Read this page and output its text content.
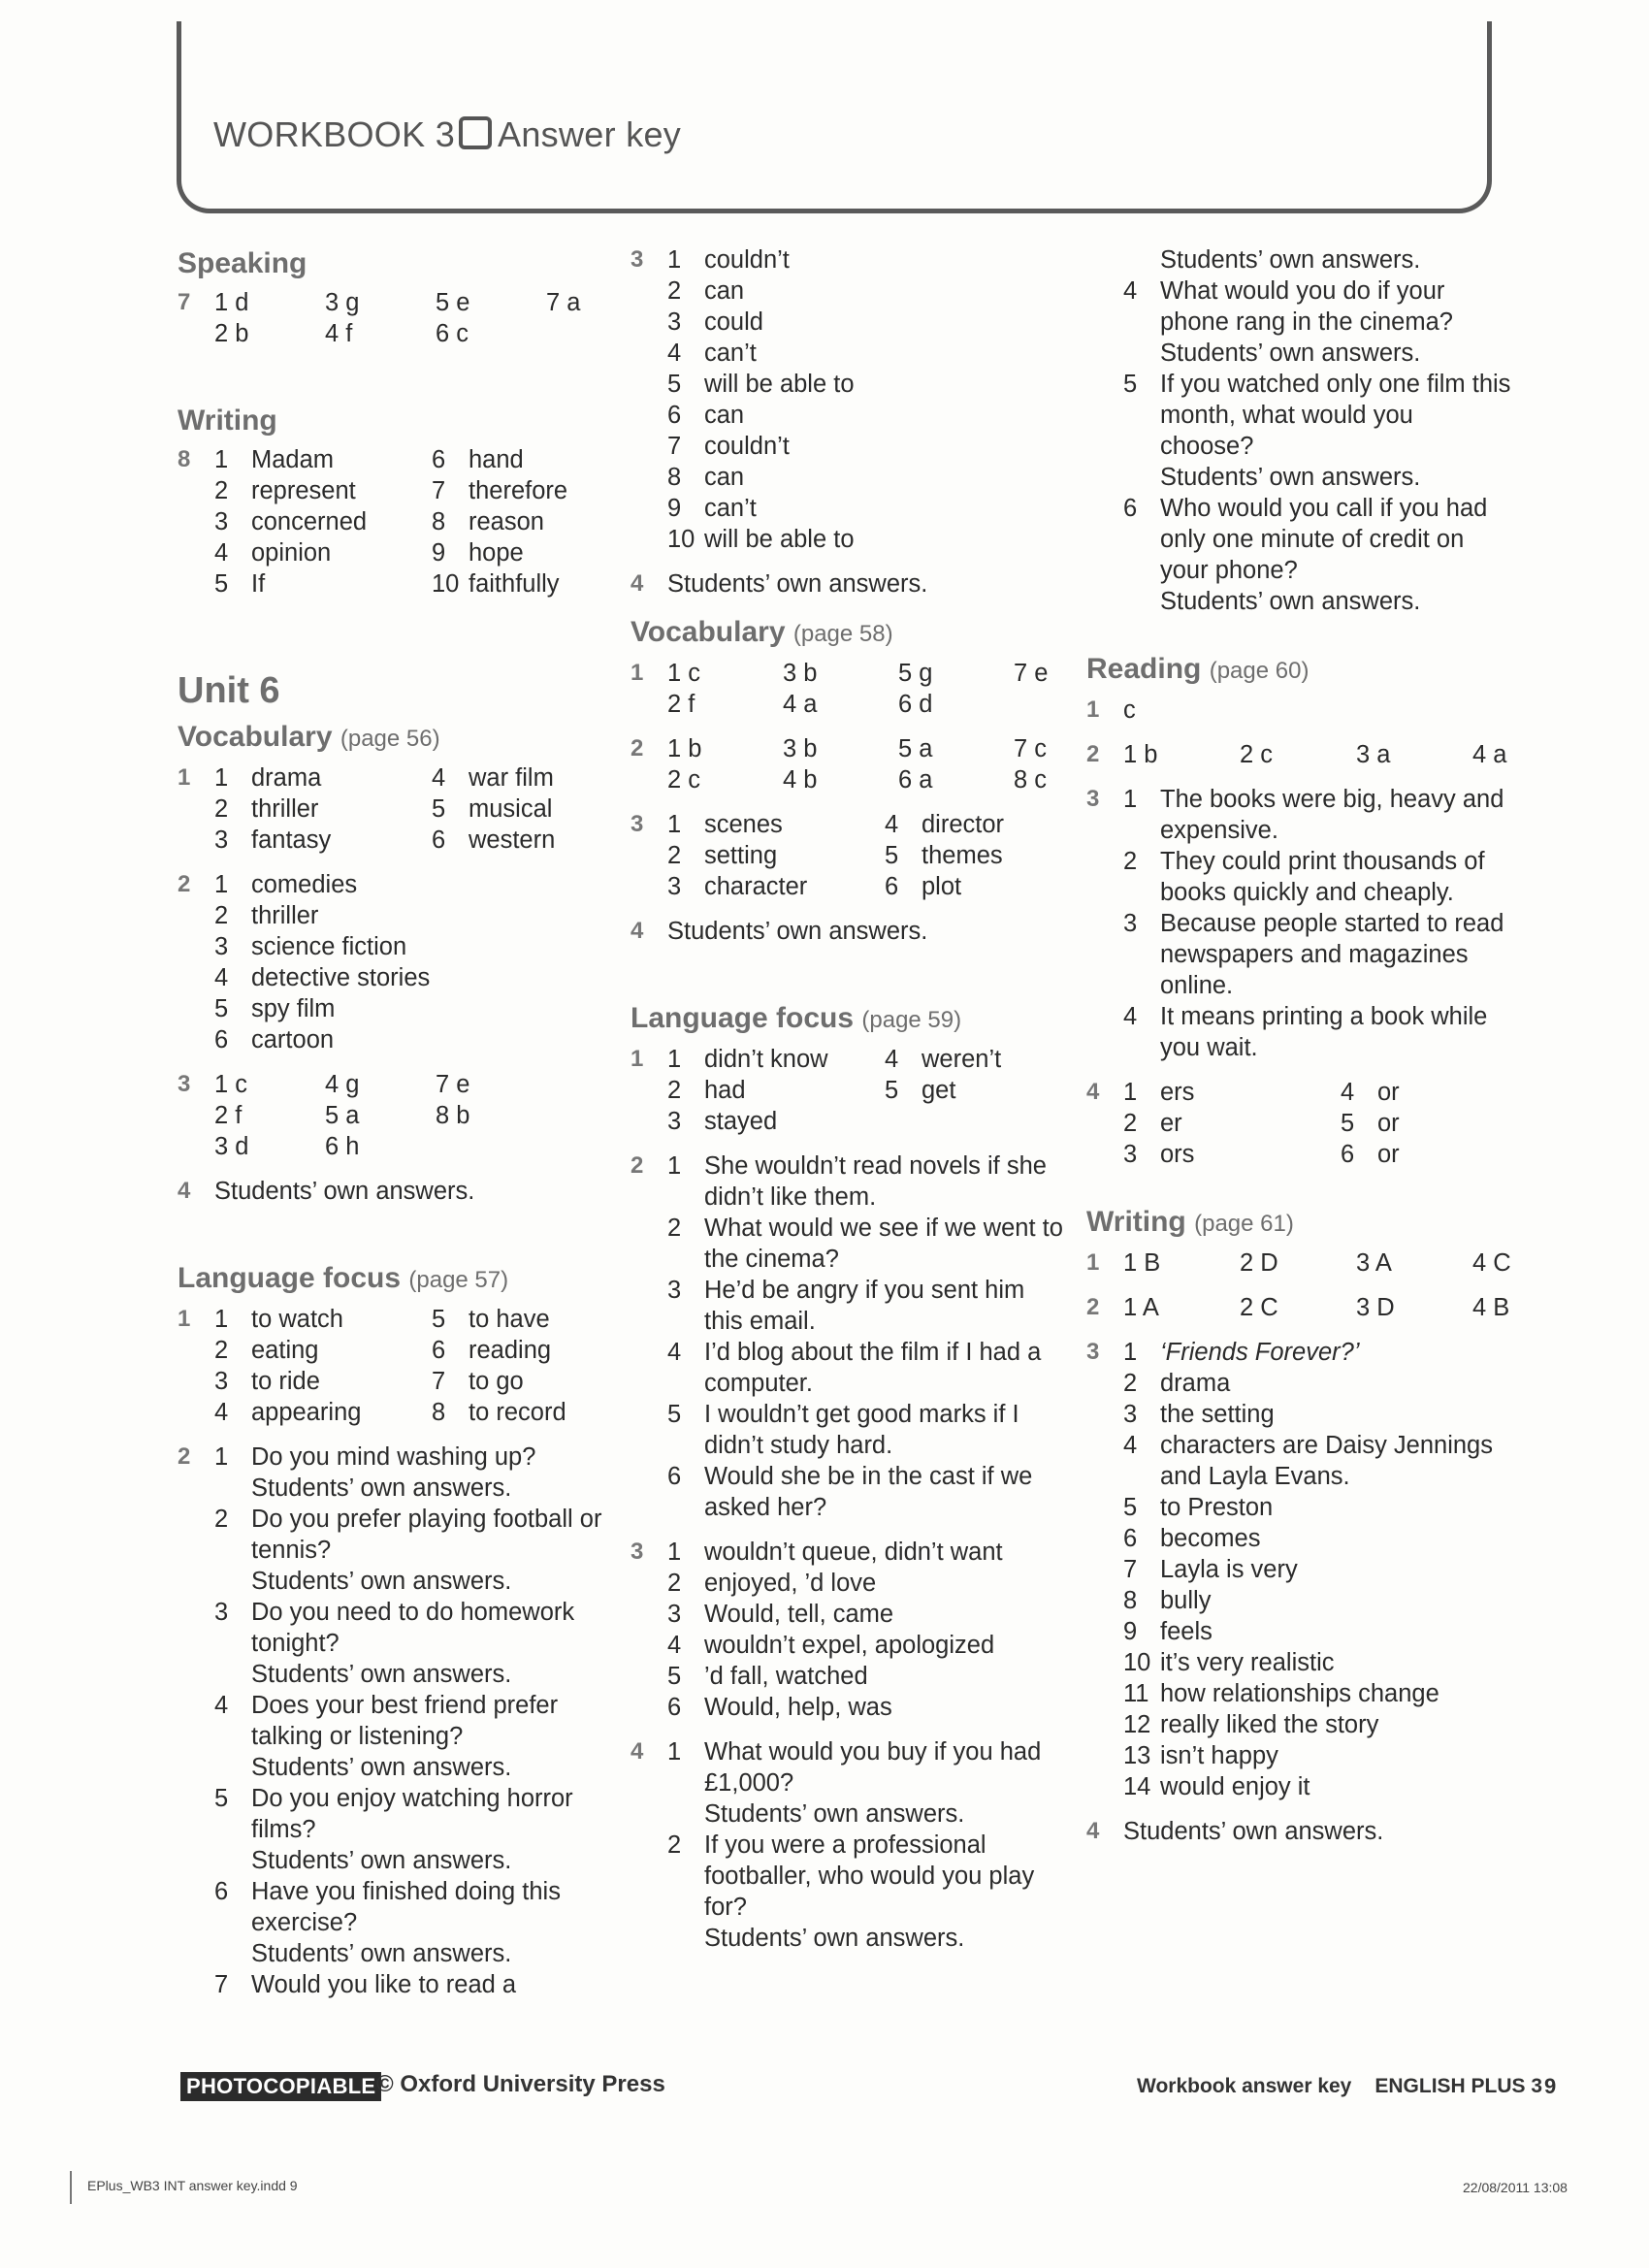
WORKBOOK 3 Answer key
Speaking
7 1 d	3 g	5 e	7 a
2 b	4 f	6 c
Writing
8 1 Madam	6 hand
2 represent	7 therefore
3 concerned	8 reason
4 opinion	9 hope
5 If	10 faithfully
Unit 6
Vocabulary (page 56)
1 1 drama	4 war film
2 thriller	5 musical
3 fantasy	6 western
2 1 comedies
2 thriller
3 science fiction
4 detective stories
5 spy film
6 cartoon
3 1 c	4 g	7 e
2 f	5 a	8 b
3 d	6 h
4 Students’ own answers.
Language focus (page 57)
1 1 to watch	5 to have
2 eating	6 reading
3 to ride	7 to go
4 appearing	8 to record
2 1 Do you mind washing up?
Students’ own answers.
2 Do you prefer playing football or tennis?
Students’ own answers.
3 Do you need to do homework tonight?
Students’ own answers.
4 Does your best friend prefer talking or listening?
Students’ own answers.
5 Do you enjoy watching horror films?
Students’ own answers.
6 Have you finished doing this exercise?
Students’ own answers.
7 Would you like to read a
3 1 couldn’t
2 can
3 could
4 can’t
5 will be able to
6 can
7 couldn’t
8 can
9 can’t
10 will be able to
4 Students’ own answers.
Vocabulary (page 58)
1 1 c	3 b	5 g	7 e
2 f	4 a	6 d
2 1 b	3 b	5 a	7 c
2 c	4 b	6 a	8 c
3 1 scenes	4 director
2 setting	5 themes
3 character	6 plot
4 Students’ own answers.
Language focus (page 59)
1 1 didn’t know	4 weren’t
2 had	5 get
3 stayed
2 1 She wouldn’t read novels if she didn’t like them.
2 What would we see if we went to the cinema?
3 He’d be angry if you sent him this email.
4 I’d blog about the film if I had a computer.
5 I wouldn’t get good marks if I didn’t study hard.
6 Would she be in the cast if we asked her?
3 1 wouldn’t queue, didn’t want
2 enjoyed, ’d love
3 Would, tell, came
4 wouldn’t expel, apologized
5 ’d fall, watched
6 Would, help, was
4 1 What would you buy if you had £1,000?
Students’ own answers.
2 If you were a professional footballer, who would you play for?
Students’ own answers.
Students’ own answers.
4 What would you do if your phone rang in the cinema?
Students’ own answers.
5 If you watched only one film this month, what would you choose?
Students’ own answers.
6 Who would you call if you had only one minute of credit on your phone?
Students’ own answers.
Reading (page 60)
1 c
2 1 b	2 c	3 a	4 a
3 1 The books were big, heavy and expensive.
2 They could print thousands of books quickly and cheaply.
3 Because people started to read newspapers and magazines online.
4 It means printing a book while you wait.
4 1 ers	4 or
2 er	5 or
3 ors	6 or
Writing (page 61)
1 1 B	2 D	3 A	4 C
2 1 A	2 C	3 D	4 B
3 1 ‘Friends Forever?’
2 drama
3 the setting
4 characters are Daisy Jennings and Layla Evans.
5 to Preston
6 becomes
7 Layla is very
8 bully
9 feels
10 it’s very realistic
11 how relationships change
12 really liked the story
13 isn’t happy
14 would enjoy it
4 Students’ own answers.
PHOTOCOPIABLE © Oxford University Press	Workbook answer key ENGLISH PLUS 3 9
EPlus_WB3 INT answer key.indd 9	22/08/2011 13:08
